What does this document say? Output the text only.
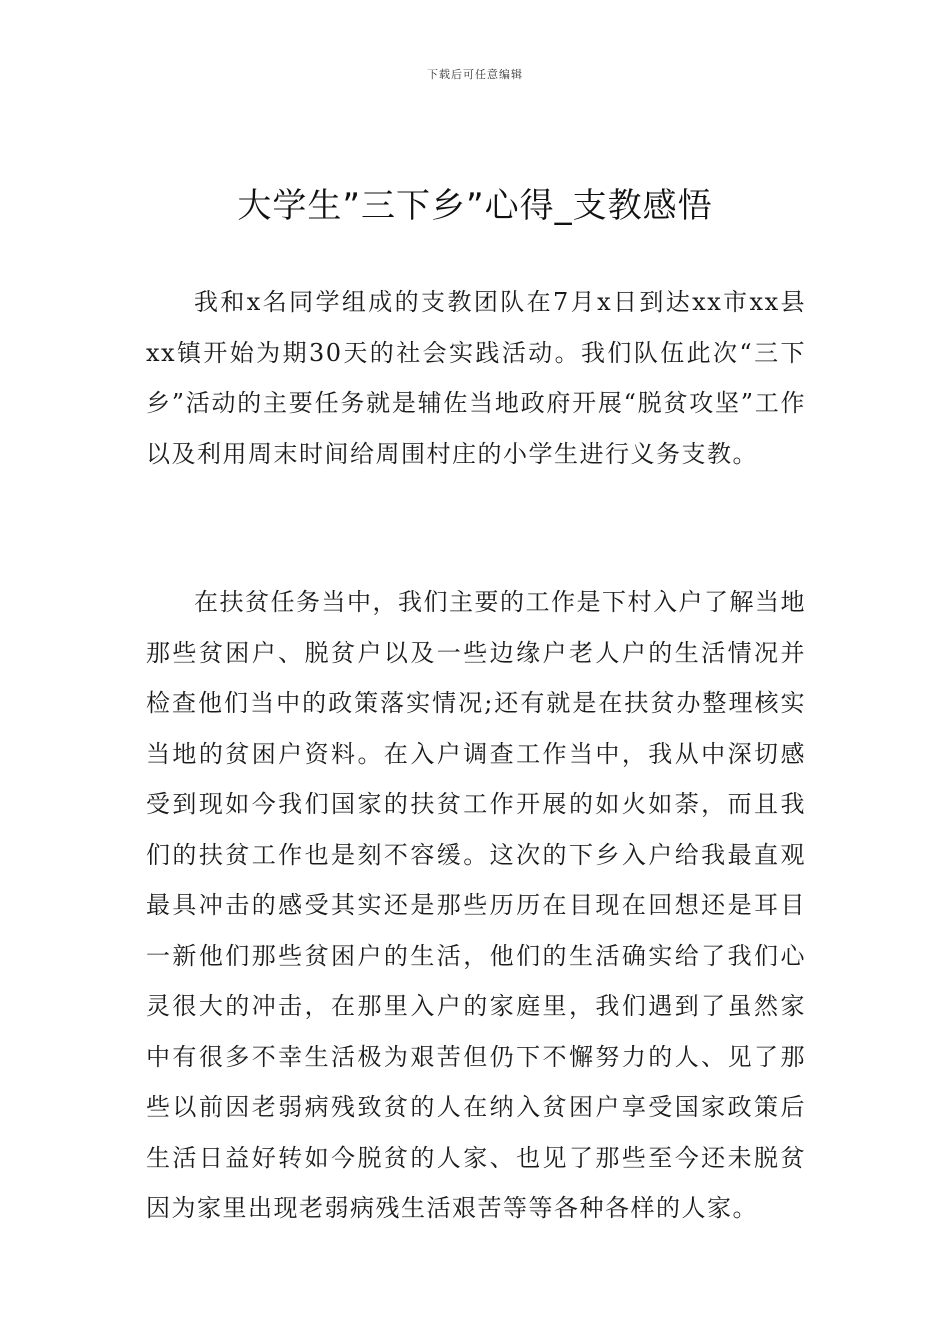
下载后可任意编辑
大学生”三下乡”心得_支教感悟

我和x名同学组成的支教团队在7月x日到达xx市xx县xx镇开始为期30天的社会实践活动。我们队伍此次“三下乡”活动的主要任务就是辅佐当地政府开展“脱贫攻坚”工作以及利用周末时间给周围村庄的小学生进行义务支教。

在扶贫任务当中，我们主要的工作是下村入户了解当地那些贫困户、脱贫户以及一些边缘户老人户的生活情况并检查他们当中的政策落实情况;还有就是在扶贫办整理核实当地的贫困户资料。在入户调查工作当中，我从中深切感受到现如今我们国家的扶贫工作开展的如火如荼，而且我们的扶贫工作也是刻不容缓。这次的下乡入户给我最直观最具冲击的感受其实还是那些历历在目现在回想还是耳目一新他们那些贫困户的生活，他们的生活确实给了我们心灵很大的冲击，在那里入户的家庭里，我们遇到了虽然家中有很多不幸生活极为艰苦但仍下不懈努力的人、见了那些以前因老弱病残致贫的人在纳入贫困户享受国家政策后生活日益好转如今脱贫的人家、也见了那些至今还未脱贫因为家里出现老弱病残生活艰苦等等各种各样的人家。
